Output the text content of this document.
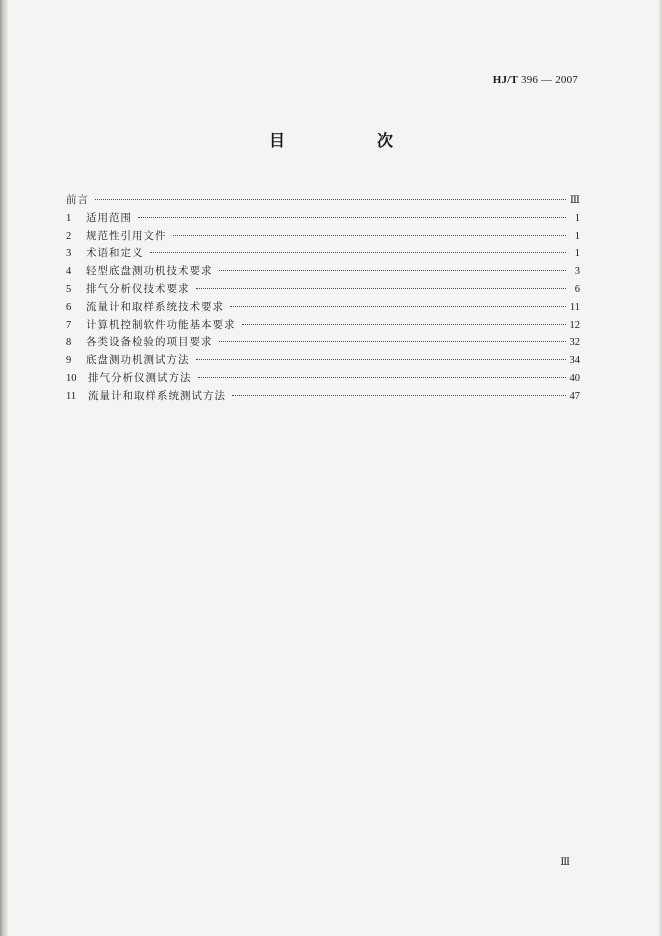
HJ/T 396 — 2007
目　次
前言	Ⅲ
1	适用范围	1
2	规范性引用文件	1
3	术语和定义	1
4	轻型底盘测功机技术要求	3
5	排气分析仪技术要求	6
6	流量计和取样系统技术要求	11
7	计算机控制软件功能基本要求	12
8	各类设备检验的项目要求	32
9	底盘测功机测试方法	34
10	排气分析仪测试方法	40
11	流量计和取样系统测试方法	47
Ⅲ
